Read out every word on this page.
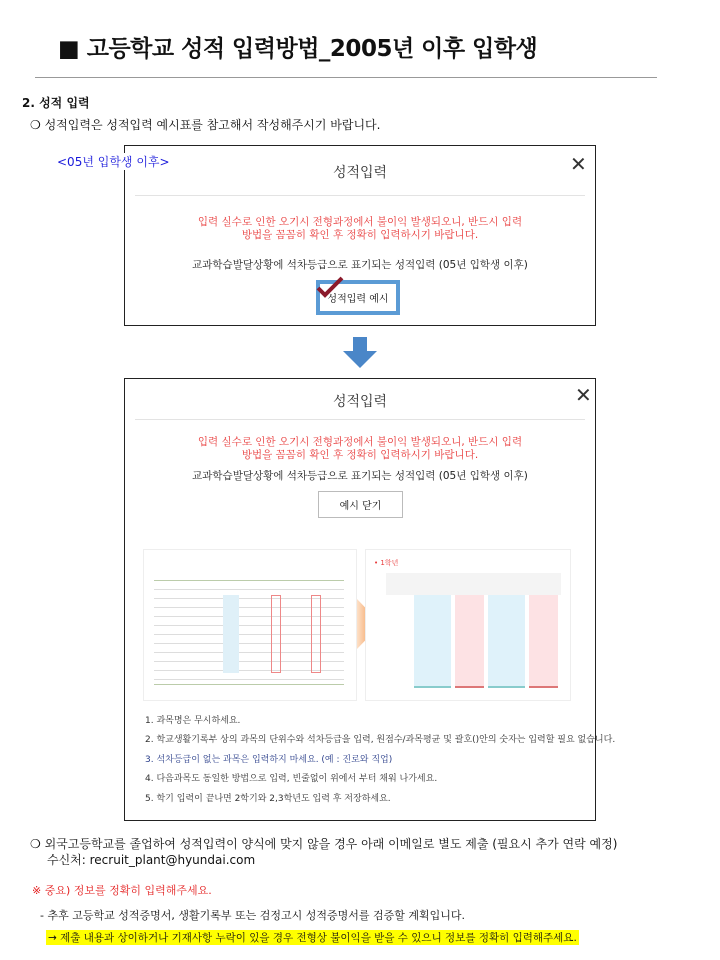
■ 고등학교 성적 입력방법_2005년 이후 입학생
2. 성적 입력
❍ 성적입력은 성적입력 예시표를 참고해서 작성해주시기 바랍니다.
성적입력	✕
입력 실수로 인한 오기시 전형과정에서 불이익 발생되오니, 반드시 입력 방법을 꼼꼼히 확인 후 정확히 입력하시기 바랍니다.
교과학습발달상황에 석차등급으로 표기되는 성적입력 (05년 입학생 이후)
성적입력 예시
<05년 입학생 이후>
성적입력	✕
입력 실수로 인한 오기시 전형과정에서 불이익 발생되오니, 반드시 입력 방법을 꼼꼼히 확인 후 정확히 입력하시기 바랍니다.
교과학습발달상황에 석차등급으로 표기되는 성적입력 (05년 입학생 이후)
예시 닫기
• 1학년
1. 과목명은 무시하세요.
2. 학교생활기록부 상의 과목의 단위수와 석차등급을 입력, 원점수/과목평균 및 괄호()안의 숫자는 입력할 필요 없습니다.
3. 석차등급이 없는 과목은 입력하지 마세요. (예 : 진로와 직업)
4. 다음과목도 동일한 방법으로 입력, 빈줄없이 위에서 부터 채워 나가세요.
5. 학기 입력이 끝나면 2학기와 2,3학년도 입력 후 저장하세요.
❍ 외국고등학교를 졸업하여 성적입력이 양식에 맞지 않을 경우 아래 이메일로 별도 제출 (필요시 추가 연락 예정)
수신처: recruit_plant@hyundai.com
※ 중요) 정보를 정확히 입력해주세요.
- 추후 고등학교 성적증명서, 생활기록부 또는 검정고시 성적증명서를 검증할 계획입니다.
→ 제출 내용과 상이하거나 기재사항 누락이 있을 경우 전형상 불이익을 받을 수 있으니 정보를 정확히 입력해주세요.
